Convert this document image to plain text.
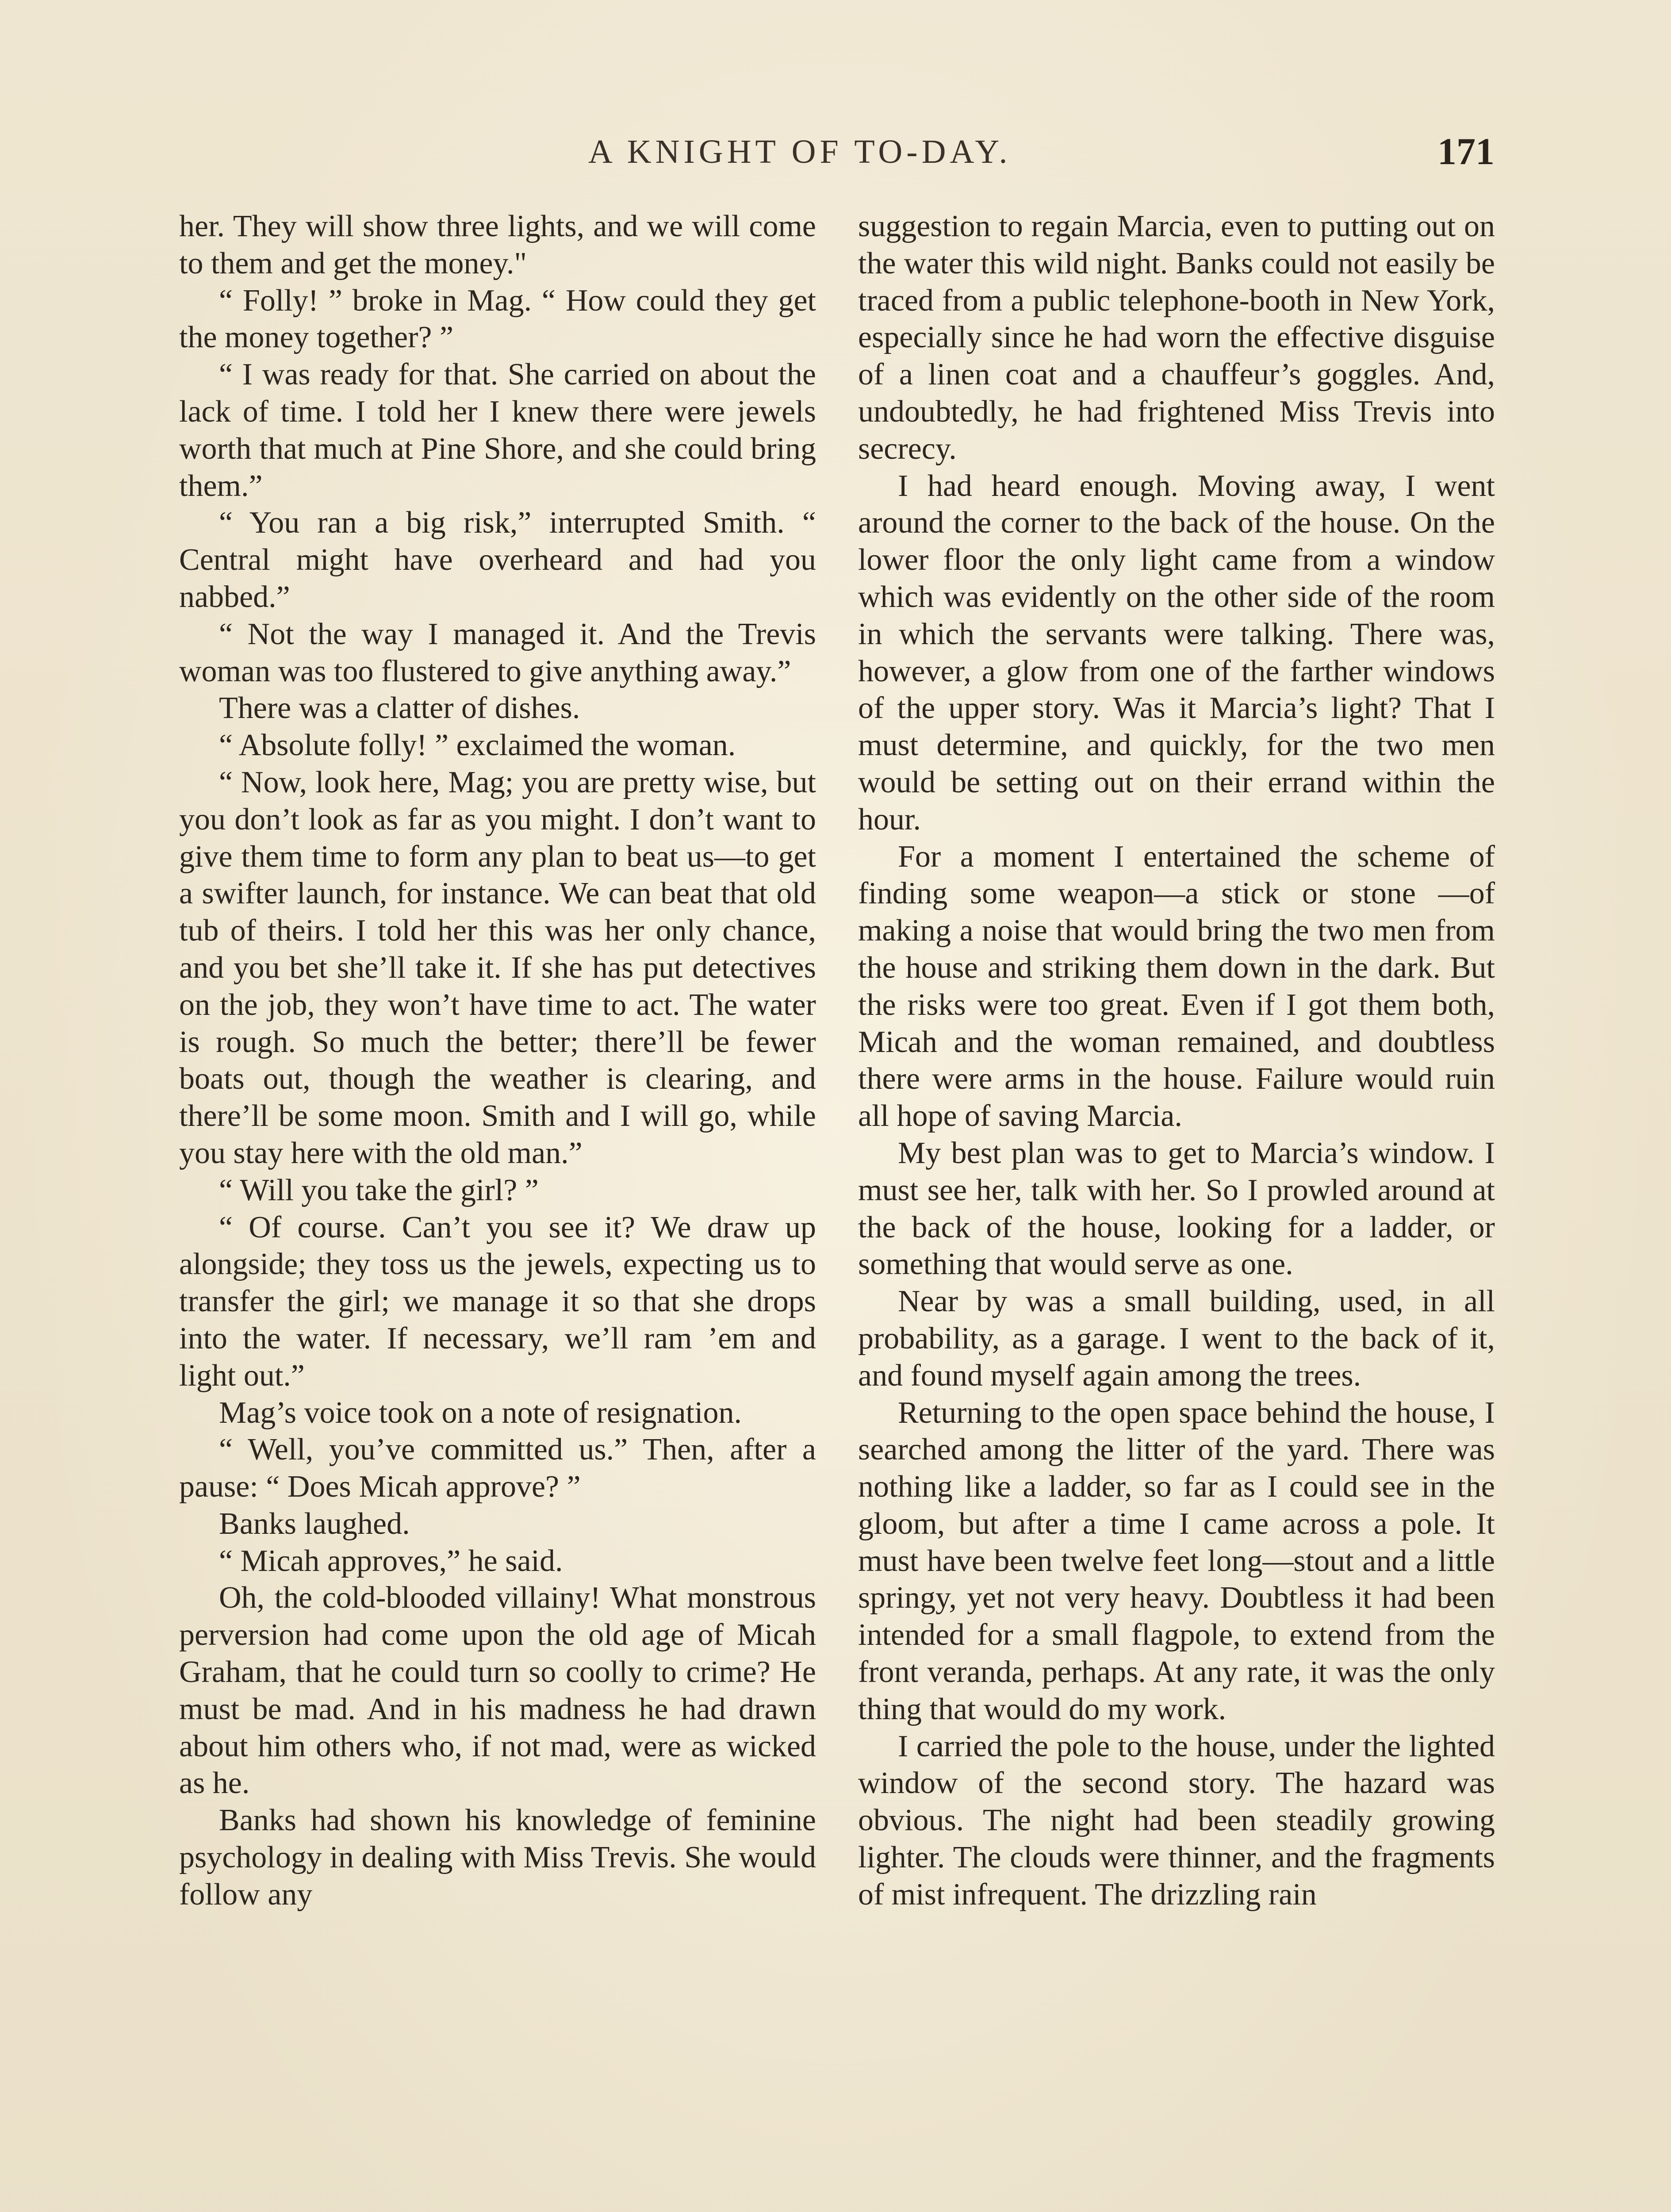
A KNIGHT OF TO-DAY.	171

her. They will show three lights, and we will come to them and get the money."

“ Folly! ” broke in Mag. “ How could they get the money together? ”

“ I was ready for that. She carried on about the lack of time. I told her I knew there were jewels worth that much at Pine Shore, and she could bring them.”

“ You ran a big risk,” interrupted Smith. “ Central might have overheard and had you nabbed.”

“ Not the way I managed it. And the Trevis woman was too flustered to give anything away.”

There was a clatter of dishes.

“ Absolute folly! ” exclaimed the woman.

“ Now, look here, Mag; you are pretty wise, but you don’t look as far as you might. I don’t want to give them time to form any plan to beat us—to get a swifter launch, for instance. We can beat that old tub of theirs. I told her this was her only chance, and you bet she’ll take it. If she has put detectives on the job, they won’t have time to act. The water is rough. So much the better; there’ll be fewer boats out, though the weather is clearing, and there’ll be some moon. Smith and I will go, while you stay here with the old man.”

“ Will you take the girl? ”

“ Of course. Can’t you see it? We draw up alongside; they toss us the jewels, expecting us to transfer the girl; we manage it so that she drops into the water. If necessary, we’ll ram ’em and light out.”

Mag’s voice took on a note of resignation.

“ Well, you’ve committed us.” Then, after a pause: “ Does Micah approve? ”

Banks laughed.

“ Micah approves,” he said.

Oh, the cold-blooded villainy! What monstrous perversion had come upon the old age of Micah Graham, that he could turn so coolly to crime? He must be mad. And in his madness he had drawn about him others who, if not mad, were as wicked as he.

Banks had shown his knowledge of feminine psychology in dealing with Miss Trevis. She would follow any

suggestion to regain Marcia, even to putting out on the water this wild night. Banks could not easily be traced from a public telephone-booth in New York, especially since he had worn the effective disguise of a linen coat and a chauffeur’s goggles. And, undoubtedly, he had frightened Miss Trevis into secrecy.

I had heard enough. Moving away, I went around the corner to the back of the house. On the lower floor the only light came from a window which was evidently on the other side of the room in which the servants were talking. There was, however, a glow from one of the farther windows of the upper story. Was it Marcia’s light? That I must determine, and quickly, for the two men would be setting out on their errand within the hour.

For a moment I entertained the scheme of finding some weapon—a stick or stone —of making a noise that would bring the two men from the house and striking them down in the dark. But the risks were too great. Even if I got them both, Micah and the woman remained, and doubtless there were arms in the house. Failure would ruin all hope of saving Marcia.

My best plan was to get to Marcia’s window. I must see her, talk with her. So I prowled around at the back of the house, looking for a ladder, or something that would serve as one.

Near by was a small building, used, in all probability, as a garage. I went to the back of it, and found myself again among the trees.

Returning to the open space behind the house, I searched among the litter of the yard. There was nothing like a ladder, so far as I could see in the gloom, but after a time I came across a pole. It must have been twelve feet long—stout and a little springy, yet not very heavy. Doubtless it had been intended for a small flagpole, to extend from the front veranda, perhaps. At any rate, it was the only thing that would do my work.

I carried the pole to the house, under the lighted window of the second story. The hazard was obvious. The night had been steadily growing lighter. The clouds were thinner, and the fragments of mist infrequent. The drizzling rain
